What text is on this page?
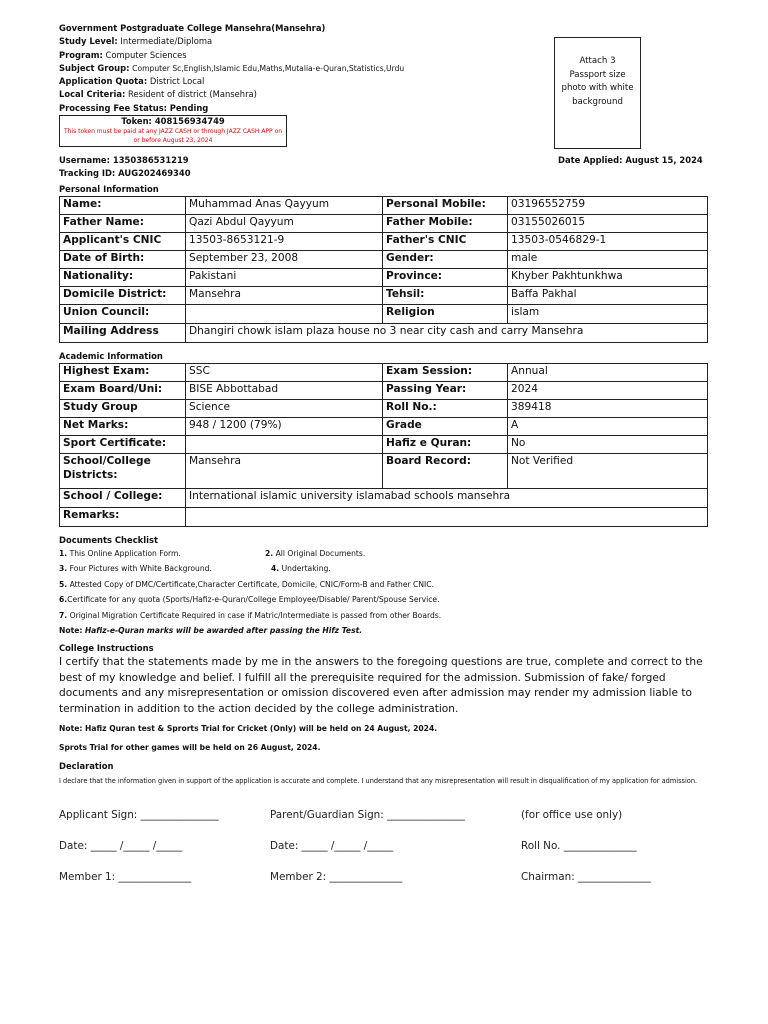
Government Postgraduate College Mansehra(Mansehra)
Study Level: Intermediate/Diploma
Program: Computer Sciences
Subject Group: Computer Sc,English,Islamic Edu,Maths,Mutalia-e-Quran,Statistics,Urdu
Application Quota: District Local
Local Criteria: Resident of district (Mansehra)
Processing Fee Status: Pending
Token: 408156934749
This token must be paid at any JAZZ CASH or through JAZZ CASH APP on or before August 23, 2024
Attach 3 Passport size photo with white background
Username: 1350386531219
Tracking ID: AUG202469340
Date Applied: August 15, 2024
Personal Information
Name:	Muhammad Anas Qayyum	Personal Mobile:	03196552759
Father Name:	Qazi Abdul Qayyum	Father Mobile:	03155026015
Applicant's CNIC	13503-8653121-9	Father's CNIC	13503-0546829-1
Date of Birth:	September 23, 2008	Gender:	male
Nationality:	Pakistani	Province:	Khyber Pakhtunkhwa
Domicile District:	Mansehra	Tehsil:	Baffa Pakhal
Union Council:		Religion	islam
Mailing Address	Dhangiri chowk islam plaza house no 3 near city cash and carry Mansehra		
Academic Information
Highest Exam:	SSC	Exam Session:	Annual
Exam Board/Uni:	BISE Abbottabad	Passing Year:	2024
Study Group	Science	Roll No.:	389418
Net Marks:	948 / 1200 (79%)	Grade	A
Sport Certificate:		Hafiz e Quran:	No
School/College Districts:	Mansehra	Board Record:	Not Verified
School / College:	International islamic university islamabad schools mansehra		
Remarks:			
Documents Checklist
1. This Online Application Form.	2. All Original Documents.
3. Four Pictures with White Background.	4. Undertaking.
5. Attested Copy of DMC/Certificate,Character Certificate, Domicile, CNIC/Form-B and Father CNIC.
6.Certificate for any quota (Sports/Hafiz-e-Quran/College Employee/Disable/ Parent/Spouse Service.
7. Original Migration Certificate Required in case if Matric/Intermediate is passed from other Boards.
Note: Hafiz-e-Quran marks will be awarded after passing the Hifz Test.
College Instructions
I certify that the statements made by me in the answers to the foregoing questions are true, complete and correct to the best of my knowledge and belief. I fulfill all the prerequisite required for the admission. Submission of fake/ forged documents and any misrepresentation or omission discovered even after admission may render my admission liable to termination in addition to the action decided by the college administration.
Note: Hafiz Quran test & Sprorts Trial for Cricket (Only) will be held on 24 August, 2024.
Sprots Trial for other games will be held on 26 August, 2024.
Declaration
I declare that the information given in support of the application is accurate and complete. I understand that any misrepresentation will result in disqualification of my application for admission.
Applicant Sign: _______________	Parent/Guardian Sign: _______________	(for office use only)
Date: _____ /_____ /_____	Date: _____ /_____ /_____	Roll No. ______________
Member 1: ______________	Member 2: ______________	Chairman: ______________
